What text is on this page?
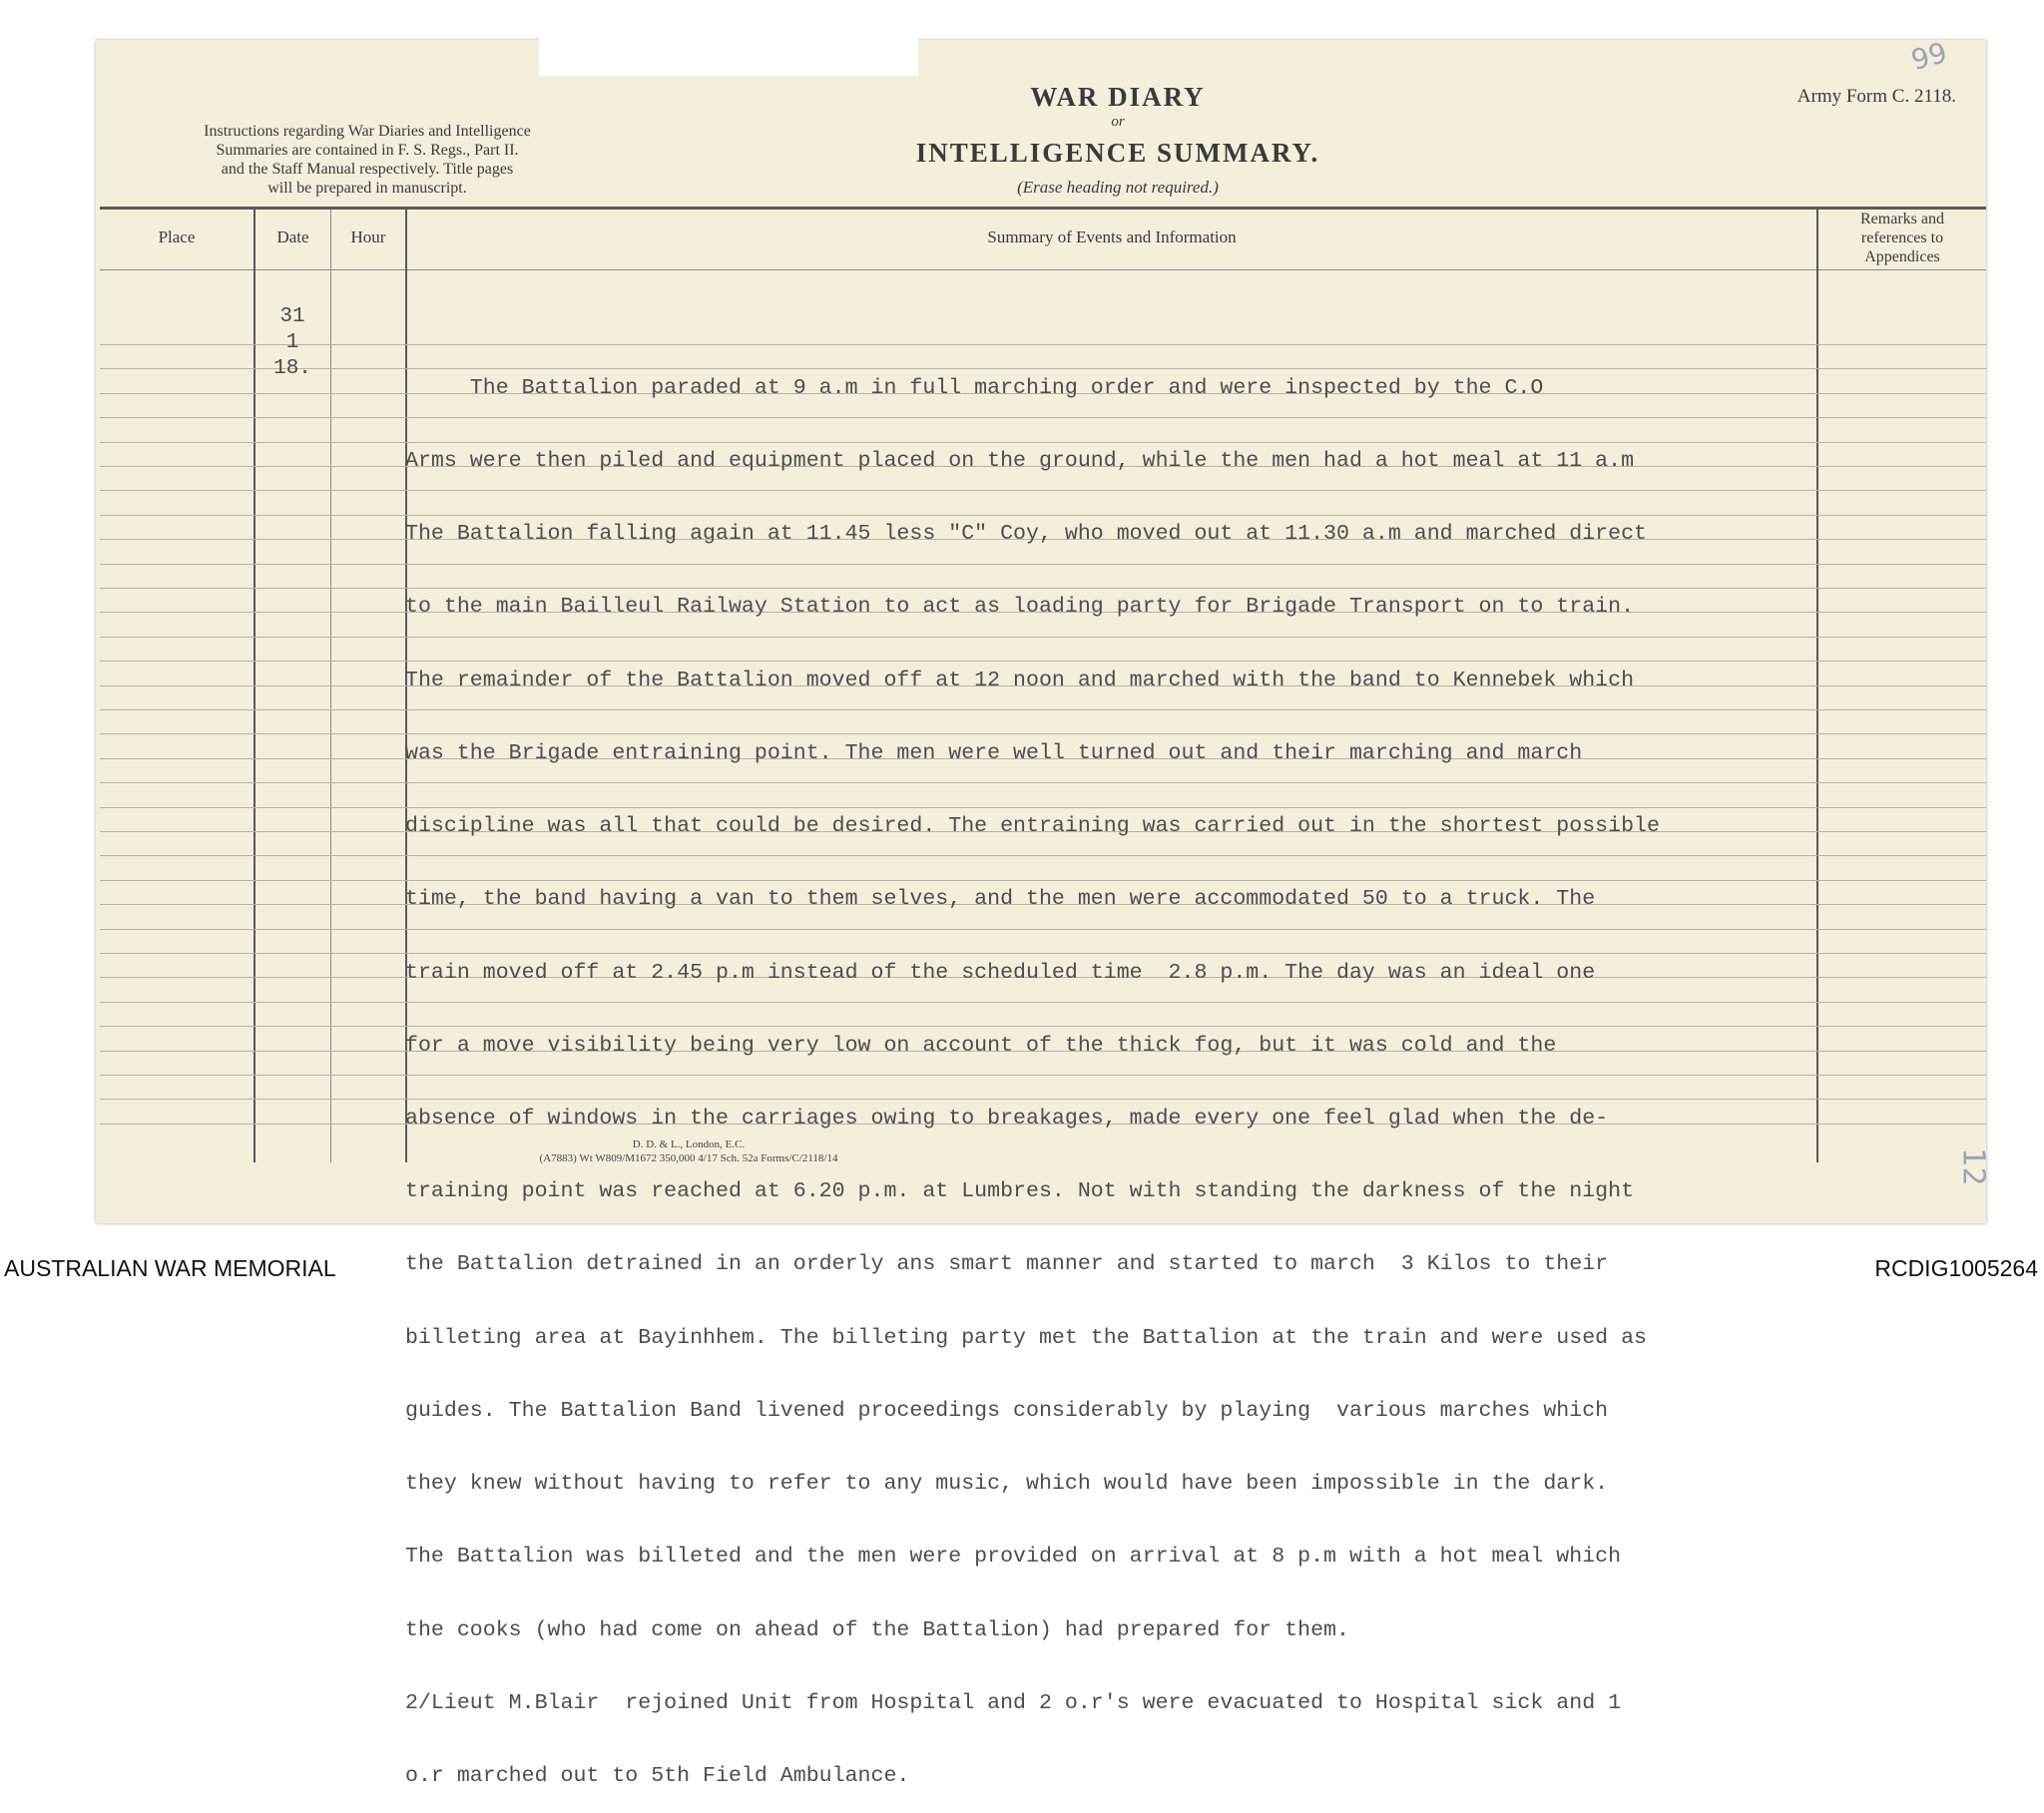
Instructions regarding War Diaries and Intelligence
Summaries are contained in F. S. Regs., Part II.
and the Staff Manual respectively. Title pages
will be prepared in manuscript.
WAR DIARY
or
INTELLIGENCE SUMMARY.
(Erase heading not required.)
Army Form C. 2118.
99
Place	Date	Hour	Summary of Events and Information
Remarks and
references to
Appendices
31
1
18.

The Battalion paraded at 9 a.m in full marching order and were inspected by the C.O

Arms were then piled and equipment placed on the ground, while the men had a hot meal at 11 a.m

The Battalion falling again at 11.45 less "C" Coy, who moved out at 11.30 a.m and marched direct

to the main Bailleul Railway Station to act as loading party for Brigade Transport on to train.

The remainder of the Battalion moved off at 12 noon and marched with the band to Kennebek which

was the Brigade entraining point. The men were well turned out and their marching and march

discipline was all that could be desired. The entraining was carried out in the shortest possible

time, the band having a van to them selves, and the men were accommodated 50 to a truck. The

train moved off at 2.45 p.m instead of the scheduled time  2.8 p.m. The day was an ideal one

for a move visibility being very low on account of the thick fog, but it was cold and the

absence of windows in the carriages owing to breakages, made every one feel glad when the de-

training point was reached at 6.20 p.m. at Lumbres. Not with standing the darkness of the night

the Battalion detrained in an orderly ans smart manner and started to march  3 Kilos to their

billeting area at Bayinhhem. The billeting party met the Battalion at the train and were used as

guides. The Battalion Band livened proceedings considerably by playing  various marches which

they knew without having to refer to any music, which would have been impossible in the dark.

The Battalion was billeted and the men were provided on arrival at 8 p.m with a hot meal which

the cooks (who had come on ahead of the Battalion) had prepared for them.

2/Lieut M.Blair  rejoined Unit from Hospital and 2 o.r's were evacuated to Hospital sick and 1

o.r marched out to 5th Field Ambulance.

D. D. & L., London, E.C.
(A7883) Wt W809/M1672 350,000 4/17 Sch. 52a Forms/C/2118/14	12
AUSTRALIAN WAR MEMORIAL	RCDIG1005264
